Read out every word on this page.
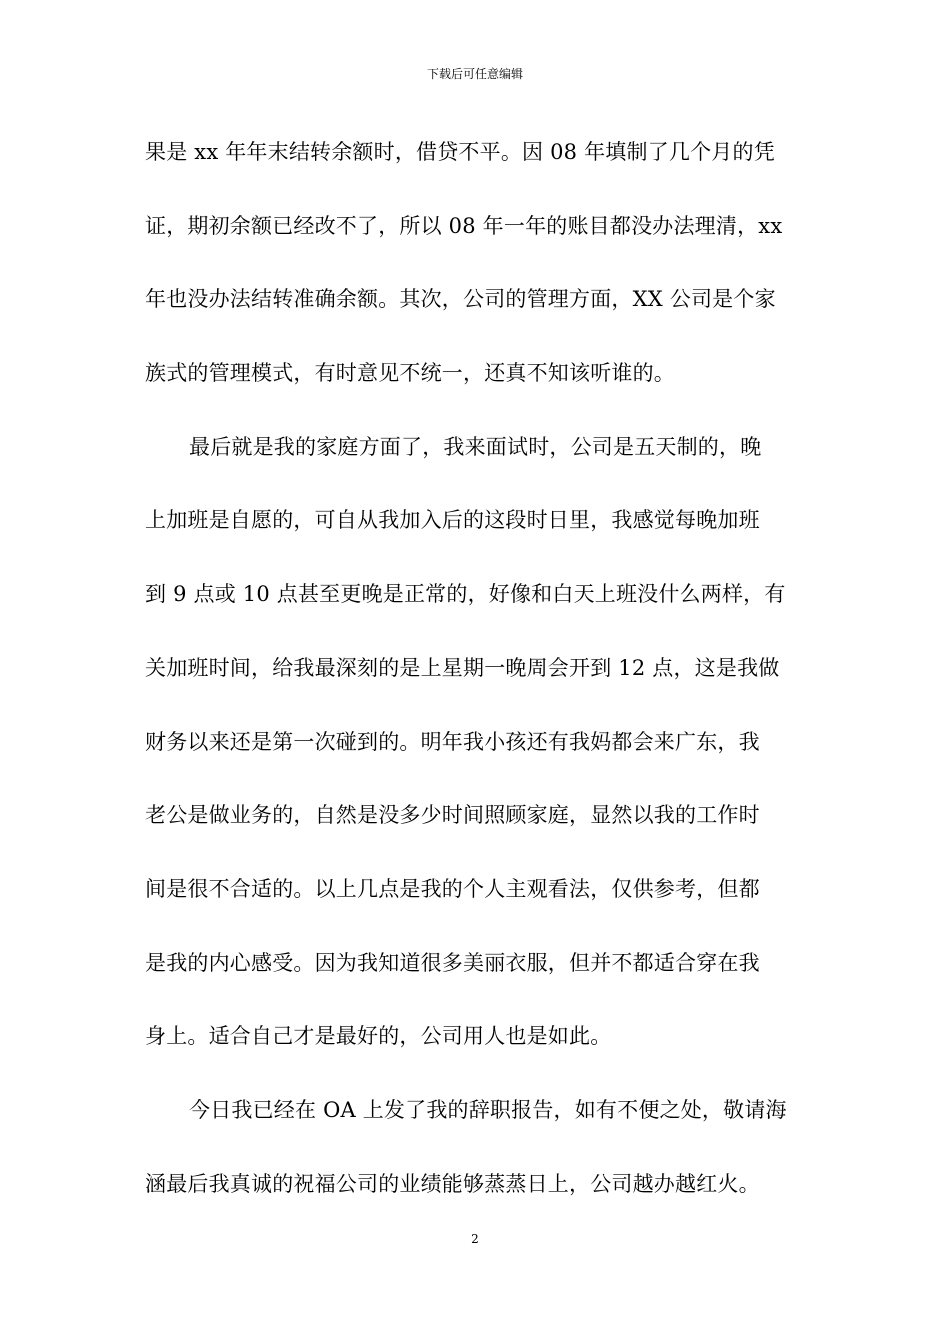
下载后可任意编辑
果是 xx 年年末结转余额时，借贷不平。因 08 年填制了几个月的凭
证，期初余额已经改不了，所以 08 年一年的账目都没办法理清，xx
年也没办法结转准确余额。其次，公司的管理方面，XX 公司是个家
族式的管理模式，有时意见不统一，还真不知该听谁的。
最后就是我的家庭方面了，我来面试时，公司是五天制的，晚
上加班是自愿的，可自从我加入后的这段时日里，我感觉每晚加班
到 9 点或 10 点甚至更晚是正常的，好像和白天上班没什么两样，有
关加班时间，给我最深刻的是上星期一晚周会开到 12 点，这是我做
财务以来还是第一次碰到的。明年我小孩还有我妈都会来广东，我
老公是做业务的，自然是没多少时间照顾家庭，显然以我的工作时
间是很不合适的。以上几点是我的个人主观看法，仅供参考，但都
是我的内心感受。因为我知道很多美丽衣服，但并不都适合穿在我
身上。适合自己才是最好的，公司用人也是如此。
今日我已经在 OA 上发了我的辞职报告，如有不便之处，敬请海
涵最后我真诚的祝福公司的业绩能够蒸蒸日上，公司越办越红火。
2
